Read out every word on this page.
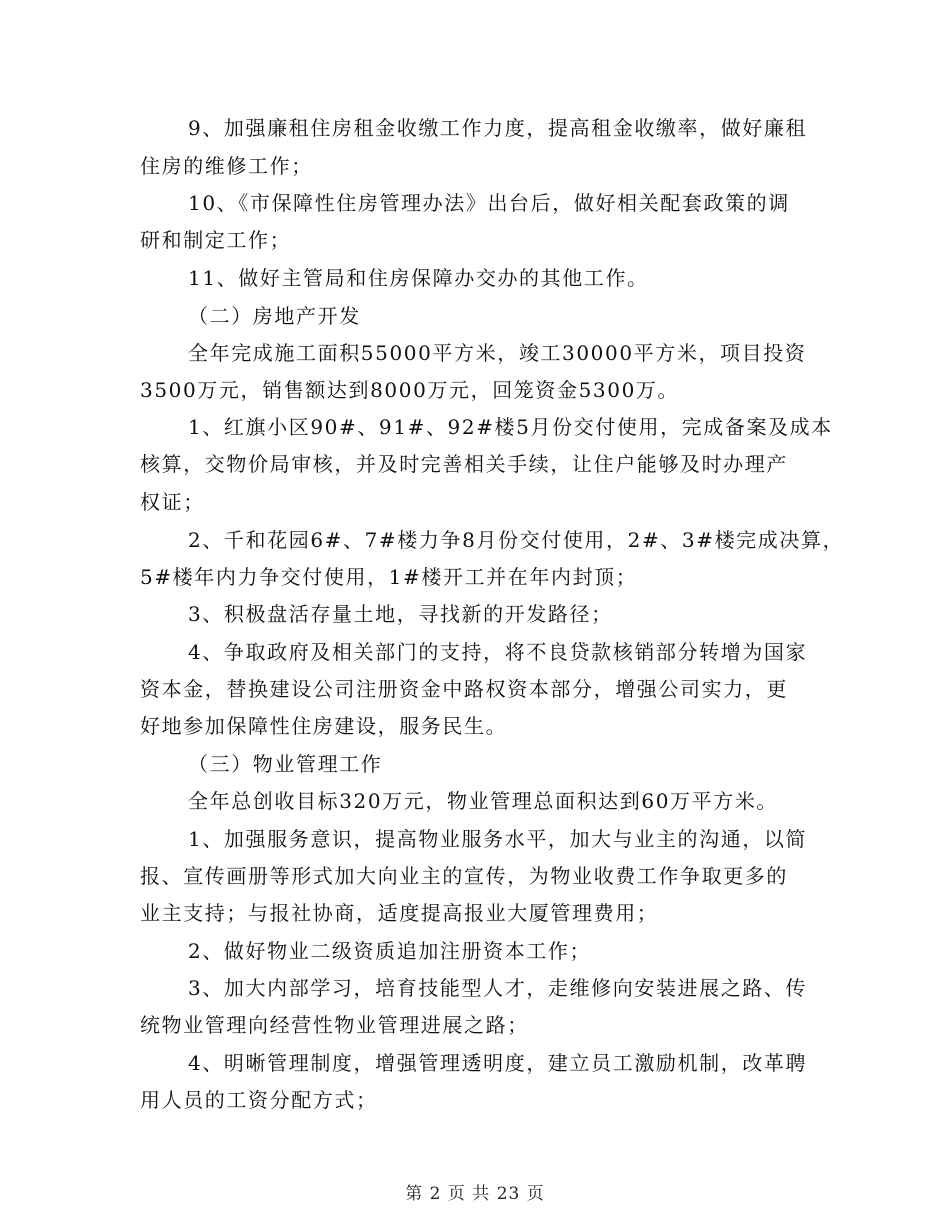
9、加强廉租住房租金收缴工作力度，提高租金收缴率，做好廉租
住房的维修工作；
10、《市保障性住房管理办法》出台后，做好相关配套政策的调
研和制定工作；
11、做好主管局和住房保障办交办的其他工作。
（二）房地产开发
全年完成施工面积55000平方米，竣工30000平方米，项目投资
3500万元，销售额达到8000万元，回笼资金5300万。
1、红旗小区90#、91#、92#楼5月份交付使用，完成备案及成本
核算，交物价局审核，并及时完善相关手续，让住户能够及时办理产
权证；
2、千和花园6#、7#楼力争8月份交付使用，2#、3#楼完成决算，
5#楼年内力争交付使用，1#楼开工并在年内封顶；
3、积极盘活存量土地，寻找新的开发路径；
4、争取政府及相关部门的支持，将不良贷款核销部分转增为国家
资本金，替换建设公司注册资金中路权资本部分，增强公司实力，更
好地参加保障性住房建设，服务民生。
（三）物业管理工作
全年总创收目标320万元，物业管理总面积达到60万平方米。
1、加强服务意识，提高物业服务水平，加大与业主的沟通，以简
报、宣传画册等形式加大向业主的宣传，为物业收费工作争取更多的
业主支持；与报社协商，适度提高报业大厦管理费用；
2、做好物业二级资质追加注册资本工作；
3、加大内部学习，培育技能型人才，走维修向安装进展之路、传
统物业管理向经营性物业管理进展之路；
4、明晰管理制度，增强管理透明度，建立员工激励机制，改革聘
用人员的工资分配方式；
第 2 页 共 23 页
